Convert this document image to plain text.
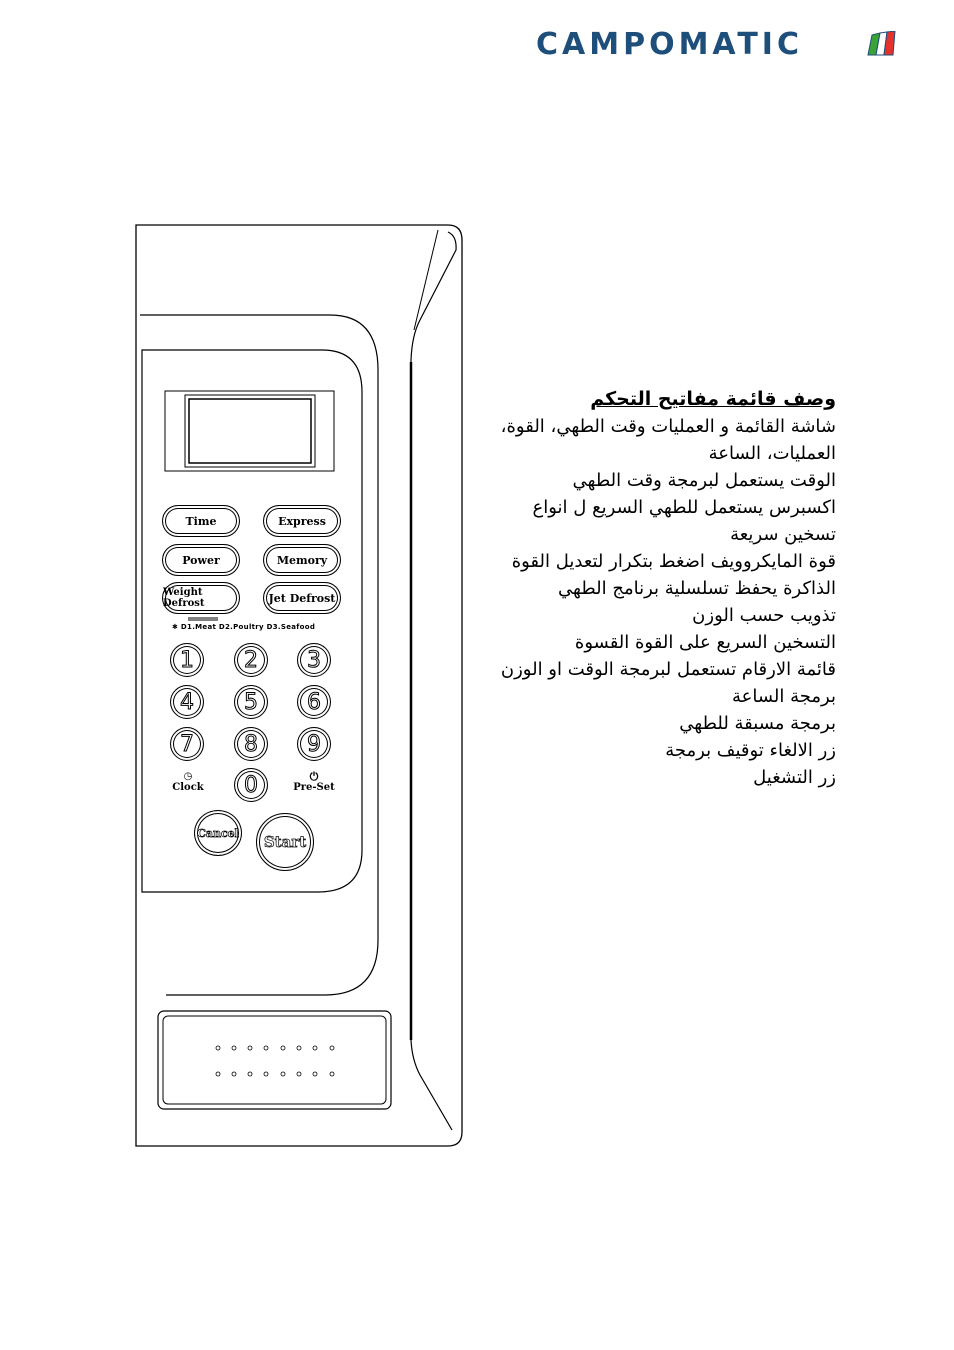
CAMPOMATIC
Time	Express
Power	Memory
Weight Defrost	Jet Defrost
✱ D1.Meat D2.Poultry D3.Seafood
1 2 3
4 5 6
7 8 9
0
◷
Clock
⏻
Pre-Set
Cancel Start
وصف قائمة مفاتيح التحكم
شاشة القائمة و العمليات وقت الطهي، القوة،
العمليات، الساعة
الوقت يستعمل لبرمجة وقت الطهي
اكسبرس يستعمل للطهي السريع ل انواع
تسخين سريعة
قوة المايكروويف اضغط بتكرار لتعديل القوة
الذاكرة يحفظ تسلسلية برنامج الطهي
تذويب حسب الوزن
التسخين السريع على القوة القسوة
قائمة الارقام تستعمل لبرمجة الوقت او الوزن
برمجة الساعة
برمجة مسبقة للطهي
زر الالغاء توقيف برمجة
زر التشغيل
